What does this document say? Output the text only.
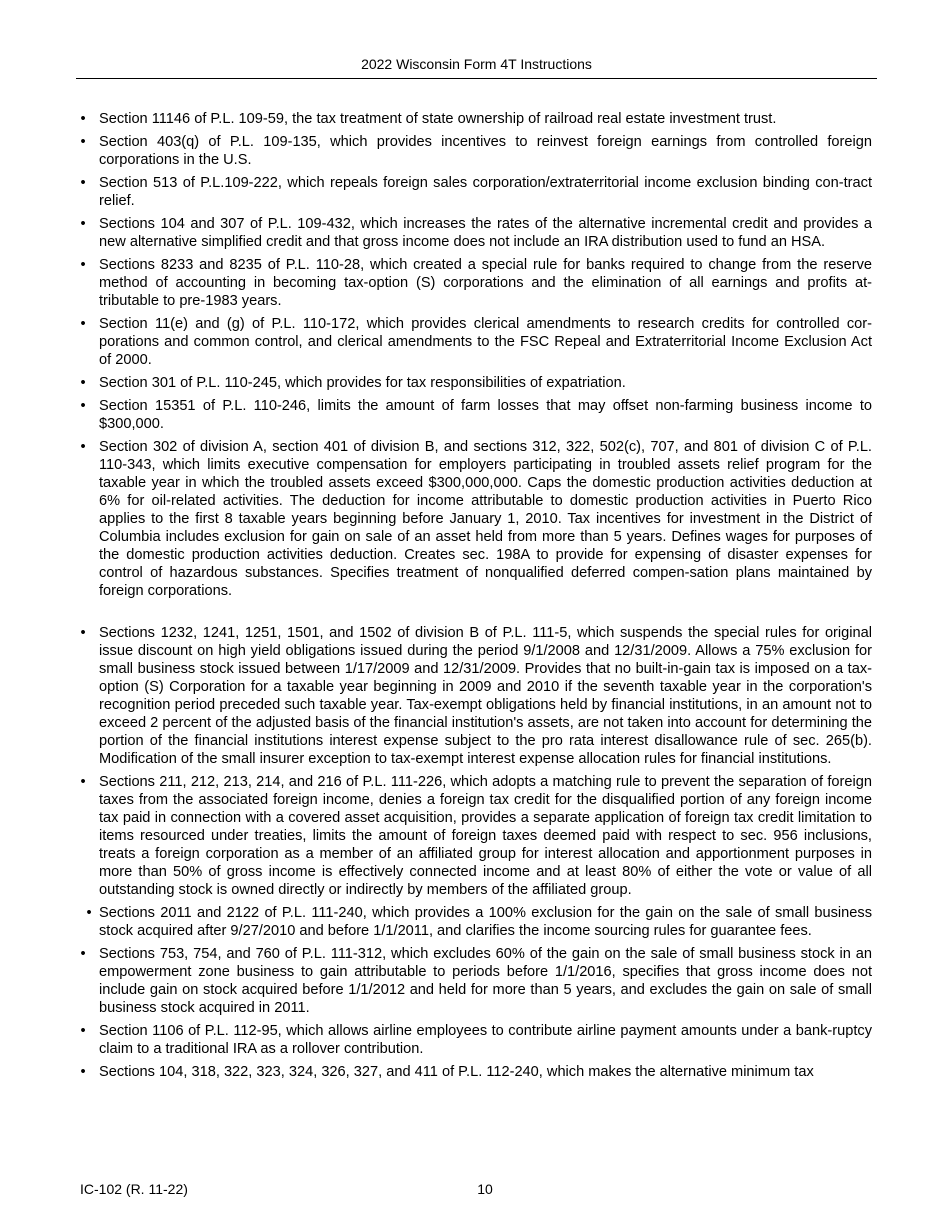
2022 Wisconsin Form 4T Instructions
• Section 11146 of P.L. 109-59, the tax treatment of state ownership of railroad real estate investment trust.
• Section 403(q) of P.L. 109-135, which provides incentives to reinvest foreign earnings from controlled foreign corporations in the U.S.
• Section 513 of P.L.109-222, which repeals foreign sales corporation/extraterritorial income exclusion binding con-tract relief.
• Sections 104 and 307 of P.L. 109-432, which increases the rates of the alternative incremental credit and provides a new alternative simplified credit and that gross income does not include an IRA distribution used to fund an HSA.
• Sections 8233 and 8235 of P.L. 110-28, which created a special rule for banks required to change from the reserve method of accounting in becoming tax-option (S) corporations and the elimination of all earnings and profits at-tributable to pre-1983 years.
• Section 11(e) and (g) of P.L. 110-172, which provides clerical amendments to research credits for controlled cor-porations and common control, and clerical amendments to the FSC Repeal and Extraterritorial Income Exclusion Act of 2000.
• Section 301 of P.L. 110-245, which provides for tax responsibilities of expatriation.
• Section 15351 of P.L. 110-246, limits the amount of farm losses that may offset non-farming business income to $300,000.
• Section 302 of division A, section 401 of division B, and sections 312, 322, 502(c), 707, and 801 of division C of P.L. 110-343, which limits executive compensation for employers participating in troubled assets relief program for the taxable year in which the troubled assets exceed $300,000,000. Caps the domestic production activities deduction at 6% for oil-related activities. The deduction for income attributable to domestic production activities in Puerto Rico applies to the first 8 taxable years beginning before January 1, 2010. Tax incentives for investment in the District of Columbia includes exclusion for gain on sale of an asset held from more than 5 years. Defines wages for purposes of the domestic production activities deduction. Creates sec. 198A to provide for expensing of disaster expenses for control of hazardous substances. Specifies treatment of nonqualified deferred compen-sation plans maintained by foreign corporations.
• Sections 1232, 1241, 1251, 1501, and 1502 of division B of P.L. 111-5, which suspends the special rules for original issue discount on high yield obligations issued during the period 9/1/2008 and 12/31/2009. Allows a 75% exclusion for small business stock issued between 1/17/2009 and 12/31/2009. Provides that no built-in-gain tax is imposed on a tax-option (S) Corporation for a taxable year beginning in 2009 and 2010 if the seventh taxable year in the corporation's recognition period preceded such taxable year. Tax-exempt obligations held by financial institutions, in an amount not to exceed 2 percent of the adjusted basis of the financial institution's assets, are not taken into account for determining the portion of the financial institutions interest expense subject to the pro rata interest disallowance rule of sec. 265(b). Modification of the small insurer exception to tax-exempt interest expense allocation rules for financial institutions.
• Sections 211, 212, 213, 214, and 216 of P.L. 111-226, which adopts a matching rule to prevent the separation of foreign taxes from the associated foreign income, denies a foreign tax credit for the disqualified portion of any foreign income tax paid in connection with a covered asset acquisition, provides a separate application of foreign tax credit limitation to items resourced under treaties, limits the amount of foreign taxes deemed paid with respect to sec. 956 inclusions, treats a foreign corporation as a member of an affiliated group for interest allocation and apportionment purposes in more than 50% of gross income is effectively connected income and at least 80% of either the vote or value of all outstanding stock is owned directly or indirectly by members of the affiliated group.
• Sections 2011 and 2122 of P.L. 111-240, which provides a 100% exclusion for the gain on the sale of small business stock acquired after 9/27/2010 and before 1/1/2011, and clarifies the income sourcing rules for guarantee fees.
• Sections 753, 754, and 760 of P.L. 111-312, which excludes 60% of the gain on the sale of small business stock in an empowerment zone business to gain attributable to periods before 1/1/2016, specifies that gross income does not include gain on stock acquired before 1/1/2012 and held for more than 5 years, and excludes the gain on sale of small business stock acquired in 2011.
• Section 1106 of P.L. 112-95, which allows airline employees to contribute airline payment amounts under a bank-ruptcy claim to a traditional IRA as a rollover contribution.
• Sections 104, 318, 322, 323, 324, 326, 327, and 411 of P.L. 112-240, which makes the alternative minimum tax
IC-102 (R. 11-22)	10
